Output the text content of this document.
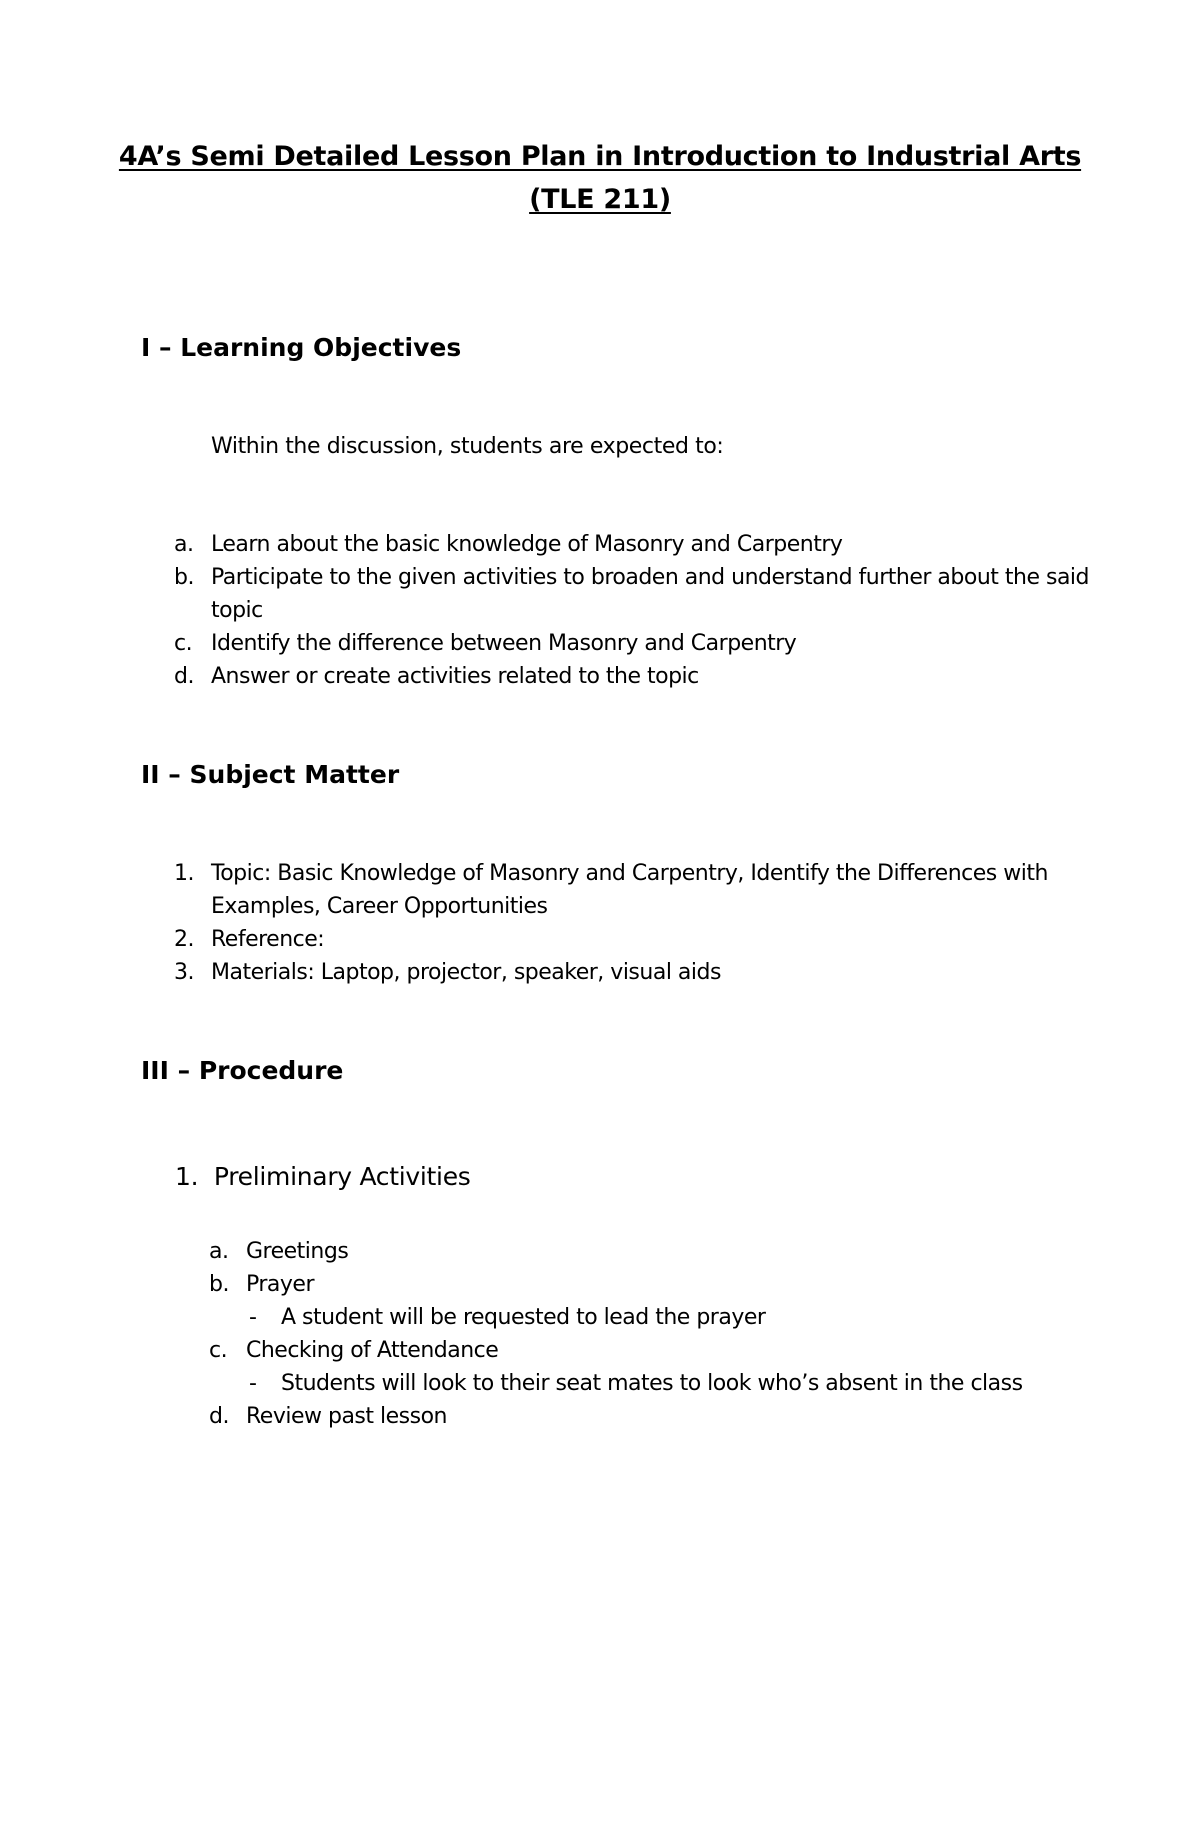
4A’s Semi Detailed Lesson Plan in Introduction to Industrial Arts
(TLE 211)
I – Learning Objectives
Within the discussion, students are expected to:
a. Learn about the basic knowledge of Masonry and Carpentry
b. Participate to the given activities to broaden and understand further about the said
topic
c. Identify the difference between Masonry and Carpentry
d. Answer or create activities related to the topic
II – Subject Matter
1. Topic: Basic Knowledge of Masonry and Carpentry, Identify the Differences with
Examples, Career Opportunities
2. Reference:
3. Materials: Laptop, projector, speaker, visual aids
III – Procedure
1. Preliminary Activities
a. Greetings
b. Prayer
- A student will be requested to lead the prayer
c. Checking of Attendance
- Students will look to their seat mates to look who’s absent in the class
d. Review past lesson
